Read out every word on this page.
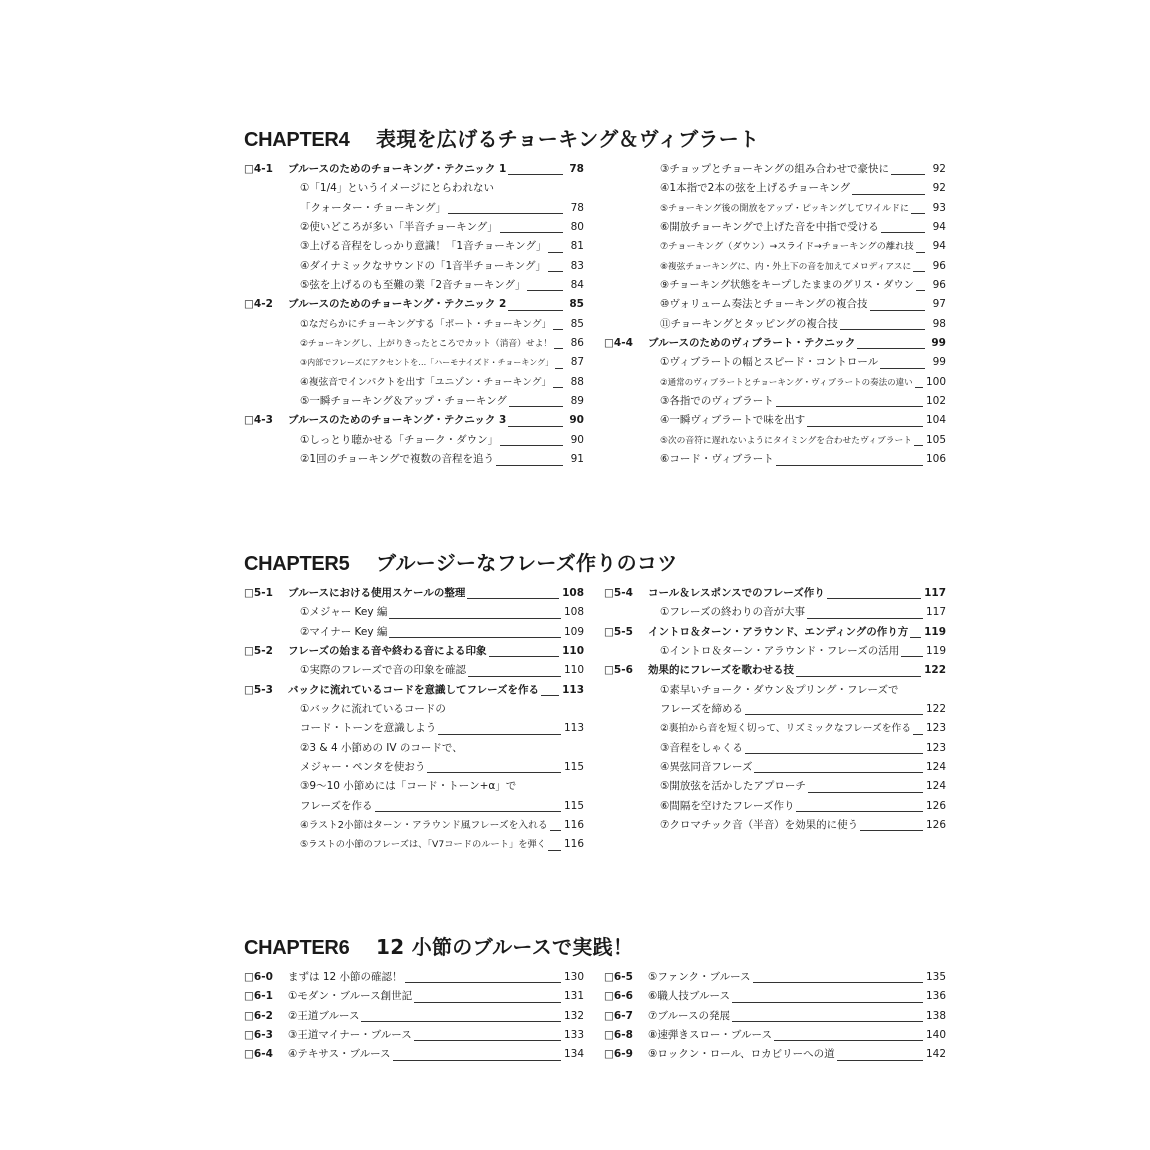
CHAPTER4 表現を広げるチョーキング＆ヴィブラート
□4-1	ブルースのためのチョーキング・テクニック 1	78
①「1/4」というイメージにとらわれない
「クォーター・チョーキング」	78
②使いどころが多い「半音チョーキング」	80
③上げる音程をしっかり意識！「1音チョーキング」	81
④ダイナミックなサウンドの「1音半チョーキング」	83
⑤弦を上げるのも至難の業「2音チョーキング」	84
□4-2	ブルースのためのチョーキング・テクニック 2	85
①なだらかにチョーキングする「ポート・チョーキング」	85
②チョーキングし、上がりきったところでカット（消音）せよ！	86
③内部でフレーズにアクセントを…「ハーモナイズド・チョーキング」	87
④複弦音でインパクトを出す「ユニゾン・チョーキング」	88
⑤一瞬チョーキング＆アップ・チョーキング	89
□4-3	ブルースのためのチョーキング・テクニック 3	90
①しっとり聴かせる「チョーク・ダウン」	90
②1回のチョーキングで複数の音程を追う	91
③チョップとチョーキングの組み合わせで豪快に	92
④1本指で2本の弦を上げるチョーキング	92
⑤チョーキング後の開放をアップ・ピッキングしてワイルドに	93
⑥開放チョーキングで上げた音を中指で受ける	94
⑦チョーキング（ダウン）→スライド→チョーキングの離れ技	94
⑧複弦チョーキングに、内・外上下の音を加えてメロディアスに	96
⑨チョーキング状態をキープしたままのグリス・ダウン	96
⑩ヴォリューム奏法とチョーキングの複合技	97
⑪チョーキングとタッピングの複合技	98
□4-4	ブルースのためのヴィブラート・テクニック	99
①ヴィブラートの幅とスピード・コントロール	99
②通常のヴィブラートとチョーキング・ヴィブラートの奏法の違い 100
③各指でのヴィブラート	102
④一瞬ヴィブラートで味を出す	104
⑤次の音符に遅れないようにタイミングを合わせたヴィブラート 105
⑥コード・ヴィブラート	106
CHAPTER5 ブルージーなフレーズ作りのコツ
□5-1	ブルースにおける使用スケールの整理	108
①メジャー Key 編	108
②マイナー Key 編	109
□5-2	フレーズの始まる音や終わる音による印象	110
①実際のフレーズで音の印象を確認	110
□5-3	バックに流れているコードを意識してフレーズを作る 113
①バックに流れているコードの
コード・トーンを意識しよう	113
②3 & 4 小節めの IV のコードで、
メジャー・ペンタを使おう	115
③9～10 小節めには「コード・トーン+α」で
フレーズを作る	115
④ラスト2小節はターン・アラウンド風フレーズを入れる 116
⑤ラストの小節のフレーズは、「V7コードのルート」を弾く 116
□5-4	コール＆レスポンスでのフレーズ作り	117
①フレーズの終わりの音が大事	117
□5-5	イントロ＆ターン・アラウンド、エンディングの作り方 119
①イントロ＆ターン・アラウンド・フレーズの活用	119
□5-6	効果的にフレーズを歌わせる技	122
①素早いチョーク・ダウン＆プリング・フレーズで
フレーズを締める	122
②裏拍から音を短く切って、リズミックなフレーズを作る 123
③音程をしゃくる	123
④異弦同音フレーズ	124
⑤開放弦を活かしたアプローチ	124
⑥間隔を空けたフレーズ作り	126
⑦クロマチック音（半音）を効果的に使う	126
CHAPTER6 12 小節のブルースで実践！
□6-0	まずは 12 小節の確認！	130
□6-1	①モダン・ブルース創世記	131
□6-2	②王道ブルース	132
□6-3	③王道マイナー・ブルース	133
□6-4	④テキサス・ブルース	134
□6-5	⑤ファンク・ブルース	135
□6-6	⑥職人技ブルース	136
□6-7	⑦ブルースの発展	138
□6-8	⑧速弾きスロー・ブルース	140
□6-9	⑨ロックン・ロール、ロカビリーへの道	142
